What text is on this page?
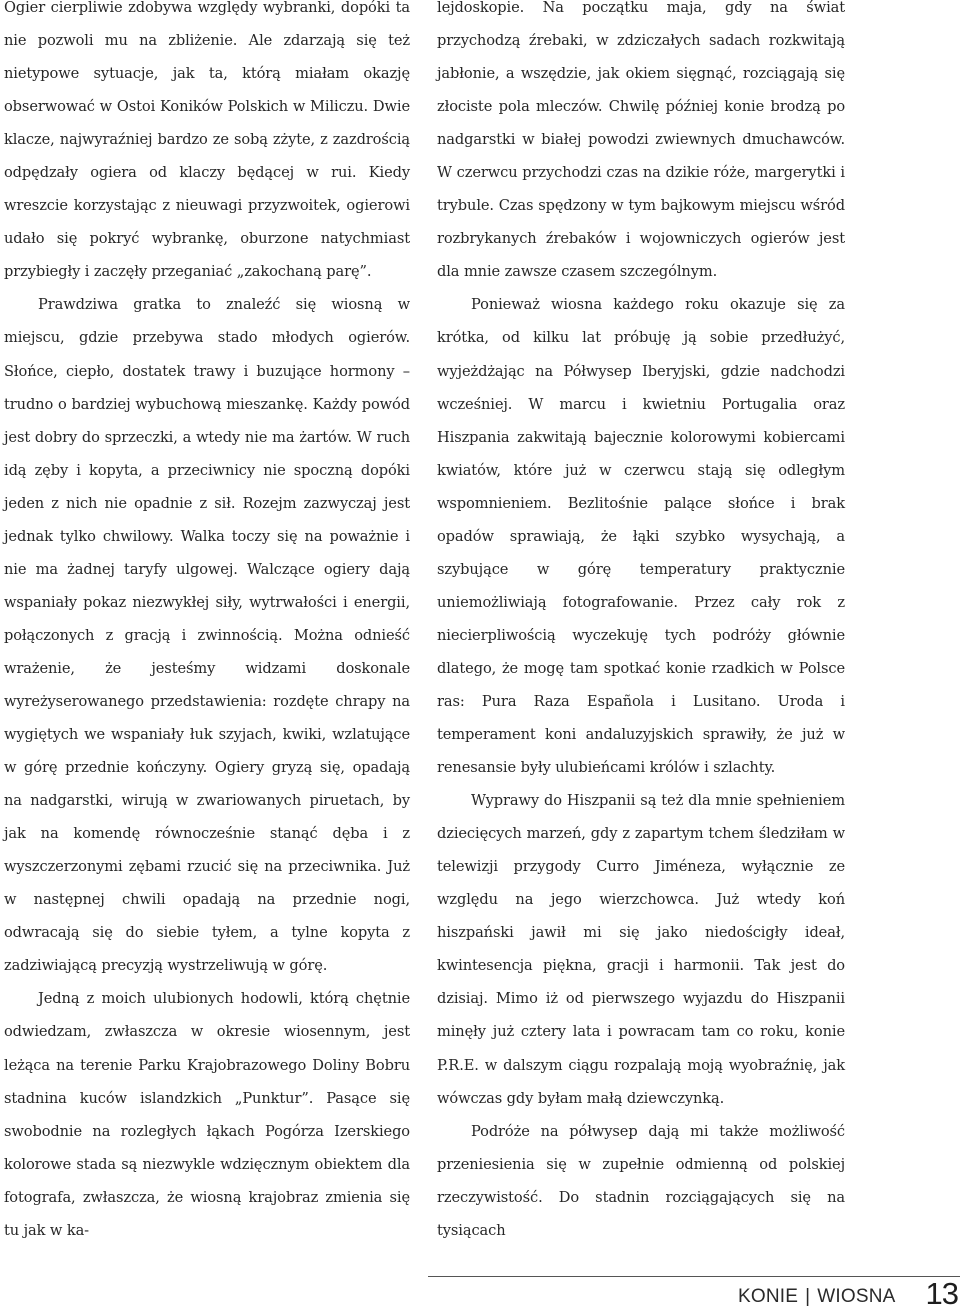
Ogier cierpliwie zdobywa względy wybranki, dopóki ta nie pozwoli mu na zbliżenie. Ale zdarzają się też nietypowe sytuacje, jak ta, którą miałam okazję obserwować w Ostoi Koników Polskich w Miliczu. Dwie klacze, najwyraźniej bardzo ze sobą zżyte, z zazdrością odpędzały ogiera od klaczy będącej w rui. Kiedy wreszcie korzystając z nieuwagi przyzwoitek, ogierowi udało się pokryć wybrankę, oburzone natychmiast przybiegły i zaczęły przeganiać „zakochaną parę”.

Prawdziwa gratka to znaleźć się wiosną w miejscu, gdzie przebywa stado młodych ogierów. Słońce, ciepło, dostatek trawy i buzujące hormony – trudno o bardziej wybuchową mieszankę. Każdy powód jest dobry do sprzeczki, a wtedy nie ma żartów. W ruch idą zęby i kopyta, a przeciwnicy nie spoczną dopóki jeden z nich nie opadnie z sił. Rozejm zazwyczaj jest jednak tylko chwilowy. Walka toczy się na poważnie i nie ma żadnej taryfy ulgowej. Walczące ogiery dają wspaniały pokaz niezwykłej siły, wytrwałości i energii, połączonych z gracją i zwinnością. Można odnieść wrażenie, że jesteśmy widzami doskonale wyreżyserowanego przedstawienia: rozdęte chrapy na wygiętych we wspaniały łuk szyjach, kwiki, wzlatujące w górę przednie kończyny. Ogiery gryzą się, opadają na nadgarstki, wirują w zwariowanych piruetach, by jak na komendę równocześnie stanąć dęba i z wyszczerzonymi zębami rzucić się na przeciwnika. Już w następnej chwili opadają na przednie nogi, odwracają się do siebie tyłem, a tylne kopyta z zadziwiającą precyzją wystrzeliwują w górę.

Jedną z moich ulubionych hodowli, którą chętnie odwiedzam, zwłaszcza w okresie wiosennym, jest leżąca na terenie Parku Krajobrazowego Doliny Bobru stadnina kuców islandzkich „Punktur”. Pasące się swobodnie na rozległych łąkach Pogórza Izerskiego kolorowe stada są niezwykle wdzięcznym obiektem dla fotografa, zwłaszcza, że wiosną krajobraz zmienia się tu jak w ka-

lejdoskopie. Na początku maja, gdy na świat przychodzą źrebaki, w zdziczałych sadach rozkwitają jabłonie, a wszędzie, jak okiem sięgnąć, rozciągają się złociste pola mleczów. Chwilę później konie brodzą po nadgarstki w białej powodzi zwiewnych dmuchawców. W czerwcu przychodzi czas na dzikie róże, margerytki i trybule. Czas spędzony w tym bajkowym miejscu wśród rozbrykanych źrebaków i wojowniczych ogierów jest dla mnie zawsze czasem szczególnym.

Ponieważ wiosna każdego roku okazuje się za krótka, od kilku lat próbuję ją sobie przedłużyć, wyjeżdżając na Półwysep Iberyjski, gdzie nadchodzi wcześniej. W marcu i kwietniu Portugalia oraz Hiszpania zakwitają bajecznie kolorowymi kobiercami kwiatów, które już w czerwcu stają się odległym wspomnieniem. Bezlitośnie palące słońce i brak opadów sprawiają, że łąki szybko wysychają, a szybujące w górę temperatury praktycznie uniemożliwiają fotografowanie. Przez cały rok z niecierpliwością wyczekuję tych podróży głównie dlatego, że mogę tam spotkać konie rzadkich w Polsce ras: Pura Raza Española i Lusitano. Uroda i temperament koni andaluzyjskich sprawiły, że już w renesansie były ulubieńcami królów i szlachty.

Wyprawy do Hiszpanii są też dla mnie spełnieniem dziecięcych marzeń, gdy z zapartym tchem śledziłam w telewizji przygody Curro Jiméneza, wyłącznie ze względu na jego wierzchowca. Już wtedy koń hiszpański jawił mi się jako niedościgły ideał, kwintesencja piękna, gracji i harmonii. Tak jest do dzisiaj. Mimo iż od pierwszego wyjazdu do Hiszpanii minęły już cztery lata i powracam tam co roku, konie P.R.E. w dalszym ciągu rozpalają moją wyobraźnię, jak wówczas gdy byłam małą dziewczynką.

Podróże na półwysep dają mi także możliwość przeniesienia się w zupełnie odmienną od polskiej rzeczywistość. Do stadnin rozciągających się na tysiącach

KONIE | WIOSNA 13
